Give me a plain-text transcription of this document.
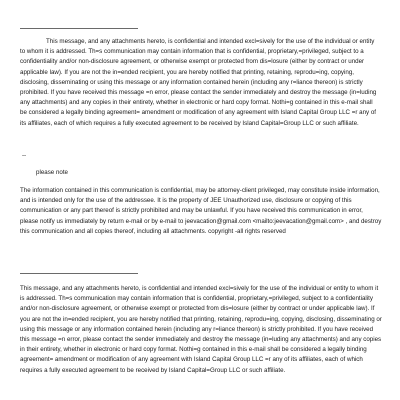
This message, and any attachments hereto, is confidential and intended excl=sively for the use of the individual or entity to whom it is addressed. Th=s communication may contain information that is confidential, proprietary,=privileged, subject to a confidentiality and/or non-disclosure agreement, or otherwise exempt or protected from dis=losure (either by contract or under applicable law). If you are not the in=ended recipient, you are hereby notified that printing, retaining, reprodu=ing, copying, disclosing, disseminating or using this message or any information contained herein (including any r=liance thereon) is strictly prohibited. If you have received this message =n error, please contact the sender immediately and destroy the message (in=luding any attachments) and any copies in their entirety, whether in electronic or hard copy format. Nothi=g contained in this e-mail shall be considered a legally binding agreement= amendment or modification of any agreement with Island Capital Group LLC =r any of its affiliates, each of which requires a fully executed agreement to be received by Island Capital=Group LLC or such affiliate.

--
please note

The information contained in this communication is confidential, may be attorney-client privileged, may constitute inside information, and is intended only for the use of the addressee. It is the property of JEE Unauthorized use, disclosure or copying of this communication or any part thereof is strictly prohibited and may be unlawful. If you have received this communication in error, please notify us immediately by return e-mail or by e-mail to jeevacation@gmail.com <mailto:jeevacation@gmail.com> , and destroy this communication and all copies thereof, including all attachments. copyright -all rights reserved

This message, and any attachments hereto, is confidential and intended excl=sively for the use of the individual or entity to whom it is addressed. Th=s communication may contain information that is confidential, proprietary,=privileged, subject to a confidentiality and/or non-disclosure agreement, or otherwise exempt or protected from dis=losure (either by contract or under applicable law). If you are not the in=ended recipient, you are hereby notified that printing, retaining, reprodu=ing, copying, disclosing, disseminating or using this message or any information contained herein (including any r=liance thereon) is strictly prohibited. If you have received this message =n error, please contact the sender immediately and destroy the message (in=luding any attachments) and any copies in their entirety, whether in electronic or hard copy format. Nothi=g contained in this e-mail shall be considered a legally binding agreement= amendment or modification of any agreement with Island Capital Group LLC =r any of its affiliates, each of which requires a fully executed agreement to be received by Island Capital=Group LLC or such affiliate.
